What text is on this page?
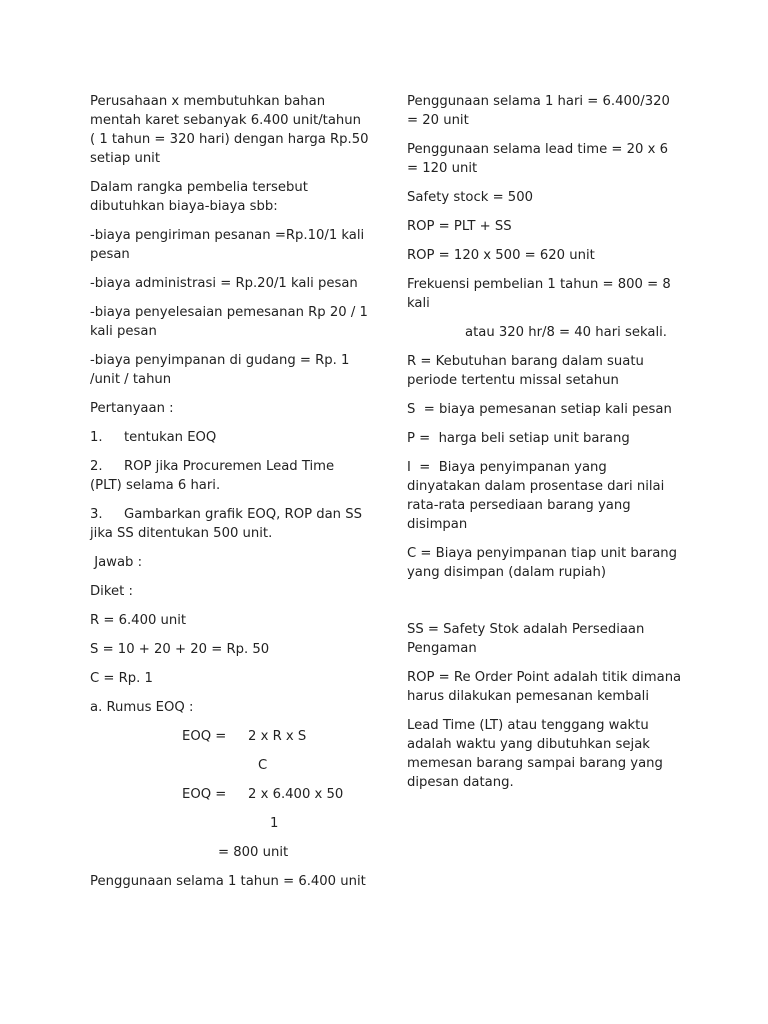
Perusahaan x membutuhkan bahan mentah karet sebanyak 6.400 unit/tahun ( 1 tahun = 320 hari) dengan harga Rp.50 setiap unit

Dalam rangka pembelia tersebut dibutuhkan biaya-biaya sbb:

-biaya pengiriman pesanan =Rp.10/1 kali pesan

-biaya administrasi = Rp.20/1 kali pesan

-biaya penyelesaian pemesanan Rp 20 / 1 kali pesan

-biaya penyimpanan di gudang = Rp. 1 /unit / tahun

Pertanyaan :

1. tentukan EOQ

2. ROP jika Procuremen Lead Time (PLT) selama 6 hari.

3. Gambarkan grafik EOQ, ROP dan SS jika SS ditentukan 500 unit.

Jawab :

Diket :

R = 6.400 unit

S = 10 + 20 + 20 = Rp. 50

C = Rp. 1

a. Rumus EOQ :

EOQ = 2 x R x S
C
EOQ = 2 x 6.400 x 50
1
= 800 unit

Penggunaan selama 1 tahun = 6.400 unit

Penggunaan selama 1 hari = 6.400/320 = 20 unit

Penggunaan selama lead time = 20 x 6 = 120 unit

Safety stock = 500

ROP = PLT + SS

ROP = 120 x 500 = 620 unit

Frekuensi pembelian 1 tahun = 800 = 8 kali

atau 320 hr/8 = 40 hari sekali.

R = Kebutuhan barang dalam suatu periode tertentu missal setahun

S  = biaya pemesanan setiap kali pesan

P =  harga beli setiap unit barang

I  =  Biaya penyimpanan yang dinyatakan dalam prosentase dari nilai rata-rata persediaan barang yang disimpan

C = Biaya penyimpanan tiap unit barang yang disimpan (dalam rupiah)

SS = Safety Stok adalah Persediaan Pengaman

ROP = Re Order Point adalah titik dimana harus dilakukan pemesanan kembali

Lead Time (LT) atau tenggang waktu adalah waktu yang dibutuhkan sejak memesan barang sampai barang yang dipesan datang.
